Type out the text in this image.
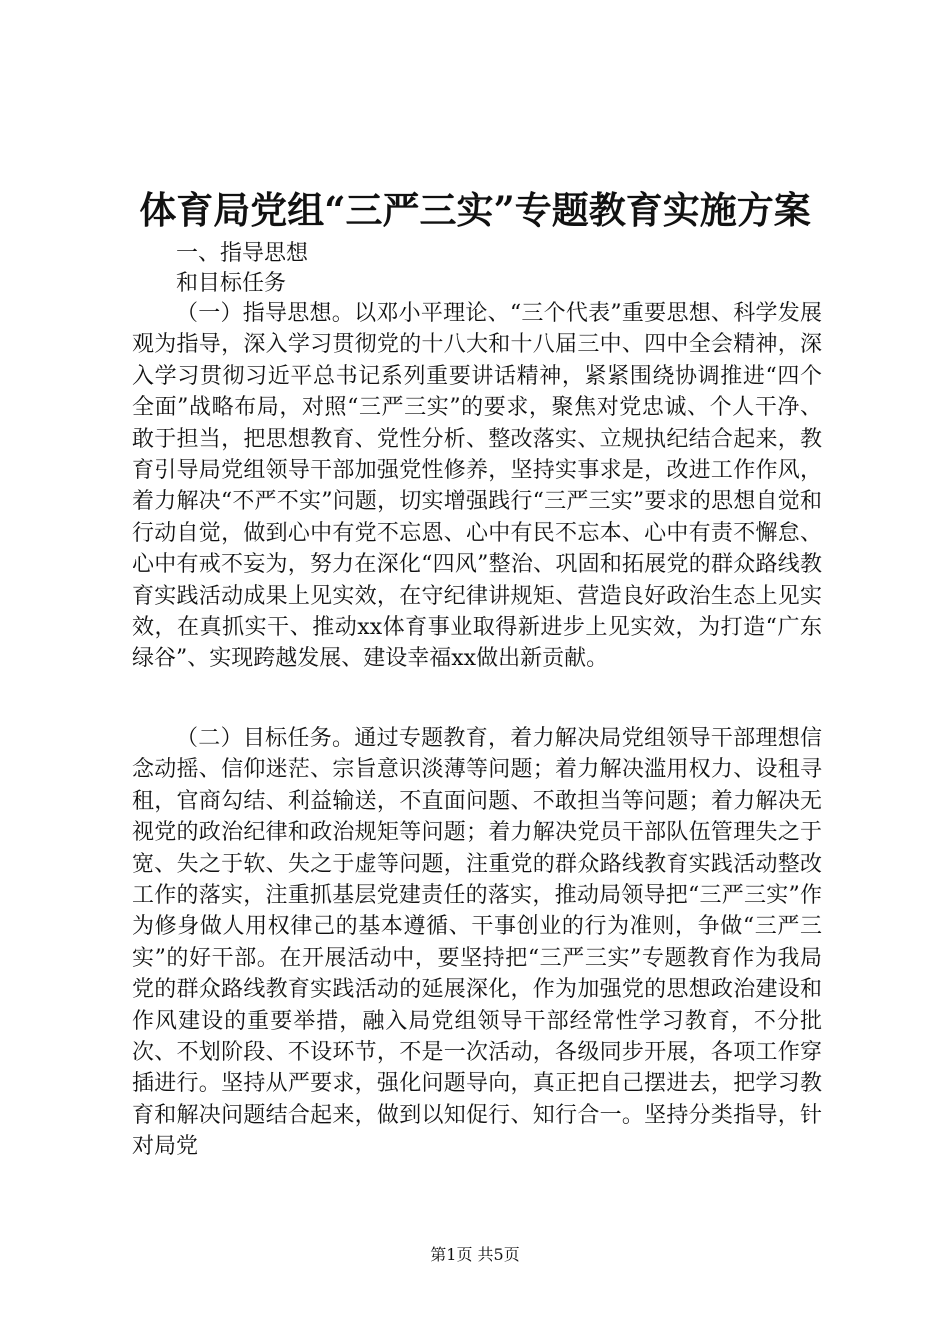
体育局党组“三严三实”专题教育实施方案
一、指导思想
和目标任务

（一）指导思想。以邓小平理论、“三个代表”重要思想、科学发展观为指导，深入学习贯彻党的十八大和十八届三中、四中全会精神，深入学习贯彻习近平总书记系列重要讲话精神，紧紧围绕协调推进“四个全面”战略布局，对照“三严三实”的要求，聚焦对党忠诚、个人干净、敢于担当，把思想教育、党性分析、整改落实、立规执纪结合起来，教育引导局党组领导干部加强党性修养，坚持实事求是，改进工作作风，着力解决“不严不实”问题，切实增强践行“三严三实”要求的思想自觉和行动自觉，做到心中有党不忘恩、心中有民不忘本、心中有责不懈怠、心中有戒不妄为，努力在深化“四风”整治、巩固和拓展党的群众路线教育实践活动成果上见实效，在守纪律讲规矩、营造良好政治生态上见实效，在真抓实干、推动xx体育事业取得新进步上见实效，为打造“广东绿谷”、实现跨越发展、建设幸福xx做出新贡献。

（二）目标任务。通过专题教育，着力解决局党组领导干部理想信念动摇、信仰迷茫、宗旨意识淡薄等问题；着力解决滥用权力、设租寻租，官商勾结、利益输送，不直面问题、不敢担当等问题；着力解决无视党的政治纪律和政治规矩等问题；着力解决党员干部队伍管理失之于宽、失之于软、失之于虚等问题，注重党的群众路线教育实践活动整改工作的落实，注重抓基层党建责任的落实，推动局领导把“三严三实”作为修身做人用权律己的基本遵循、干事创业的行为准则，争做“三严三实”的好干部。在开展活动中，要坚持把“三严三实”专题教育作为我局党的群众路线教育实践活动的延展深化，作为加强党的思想政治建设和作风建设的重要举措，融入局党组领导干部经常性学习教育，不分批次、不划阶段、不设环节，不是一次活动，各级同步开展，各项工作穿插进行。坚持从严要求，强化问题导向，真正把自己摆进去，把学习教育和解决问题结合起来，做到以知促行、知行合一。坚持分类指导，针对局党

第1页 共5页
